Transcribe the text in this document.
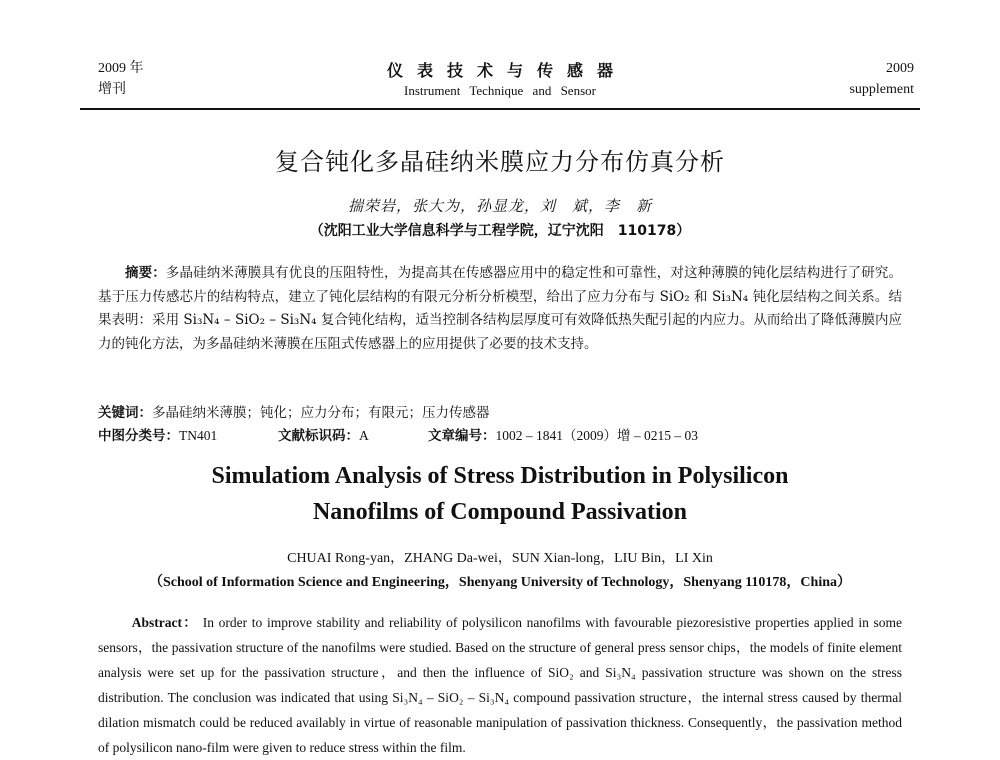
2009 年
增刊
仪表技术与传感器
Instrument Technique and Sensor
2009
supplement
复合钝化多晶硅纳米膜应力分布仿真分析
揣荣岩，张大为，孙显龙，刘　斌，李　新
（沈阳工业大学信息科学与工程学院，辽宁沈阳　110178）
摘要：多晶硅纳米薄膜具有优良的压阻特性，为提高其在传感器应用中的稳定性和可靠性，对这种薄膜的钝化层结构进行了研究。基于压力传感芯片的结构特点，建立了钝化层结构的有限元分析分析模型，给出了应力分布与 SiO₂ 和 Si₃N₄ 钝化层结构之间关系。结果表明：采用 Si₃N₄ – SiO₂ – Si₃N₄ 复合钝化结构，适当控制各结构层厚度可有效降低热失配引起的内应力。从而给出了降低薄膜内应力的钝化方法，为多晶硅纳米薄膜在压阻式传感器上的应用提供了必要的技术支持。
关键词：多晶硅纳米薄膜；钝化；应力分布；有限元；压力传感器
中图分类号：TN401	文献标识码：A	文章编号：1002 – 1841（2009）增 – 0215 – 03
Simulatiom Analysis of Stress Distribution in Polysilicon
Nanofilms of Compound Passivation
CHUAI Rong-yan，ZHANG Da-wei，SUN Xian-long，LIU Bin，LI Xin
（School of Information Science and Engineering，Shenyang University of Technology，Shenyang 110178，China）
Abstract： In order to improve stability and reliability of polysilicon nanofilms with favourable piezoresistive properties applied in some sensors，the passivation structure of the nanofilms were studied. Based on the structure of general press sensor chips，the models of finite element analysis were set up for the passivation structure，and then the influence of SiO₂ and Si₃N₄ passivation structure was shown on the stress distribution. The conclusion was indicated that using Si₃N₄ – SiO₂ – Si₃N₄ compound passivation structure，the internal stress caused by thermal dilation mismatch could be reduced availably in virtue of reasonable manipulation of passivation thickness. Consequently，the passivation method of polysilicon nano-film were given to reduce stress within the film.
